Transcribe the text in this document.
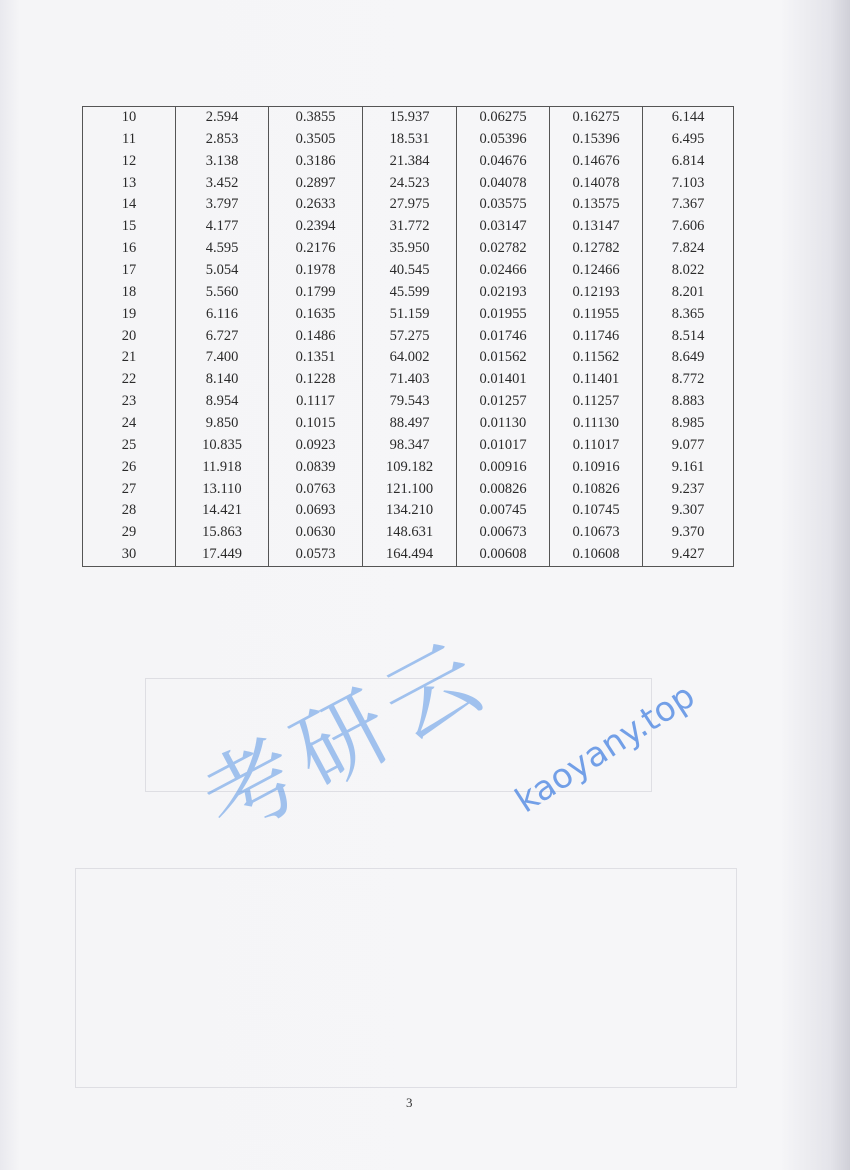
10	2.594	0.3855	15.937	0.06275	0.16275	6.144
11	2.853	0.3505	18.531	0.05396	0.15396	6.495
12	3.138	0.3186	21.384	0.04676	0.14676	6.814
13	3.452	0.2897	24.523	0.04078	0.14078	7.103
14	3.797	0.2633	27.975	0.03575	0.13575	7.367
15	4.177	0.2394	31.772	0.03147	0.13147	7.606
16	4.595	0.2176	35.950	0.02782	0.12782	7.824
17	5.054	0.1978	40.545	0.02466	0.12466	8.022
18	5.560	0.1799	45.599	0.02193	0.12193	8.201
19	6.116	0.1635	51.159	0.01955	0.11955	8.365
20	6.727	0.1486	57.275	0.01746	0.11746	8.514
21	7.400	0.1351	64.002	0.01562	0.11562	8.649
22	8.140	0.1228	71.403	0.01401	0.11401	8.772
23	8.954	0.1117	79.543	0.01257	0.11257	8.883
24	9.850	0.1015	88.497	0.01130	0.11130	8.985
25	10.835	0.0923	98.347	0.01017	0.11017	9.077
26	11.918	0.0839	109.182	0.00916	0.10916	9.161
27	13.110	0.0763	121.100	0.00826	0.10826	9.237
28	14.421	0.0693	134.210	0.00745	0.10745	9.307
29	15.863	0.0630	148.631	0.00673	0.10673	9.370
30	17.449	0.0573	164.494	0.00608	0.10608	9.427
考研云 kaoyany.top
3
